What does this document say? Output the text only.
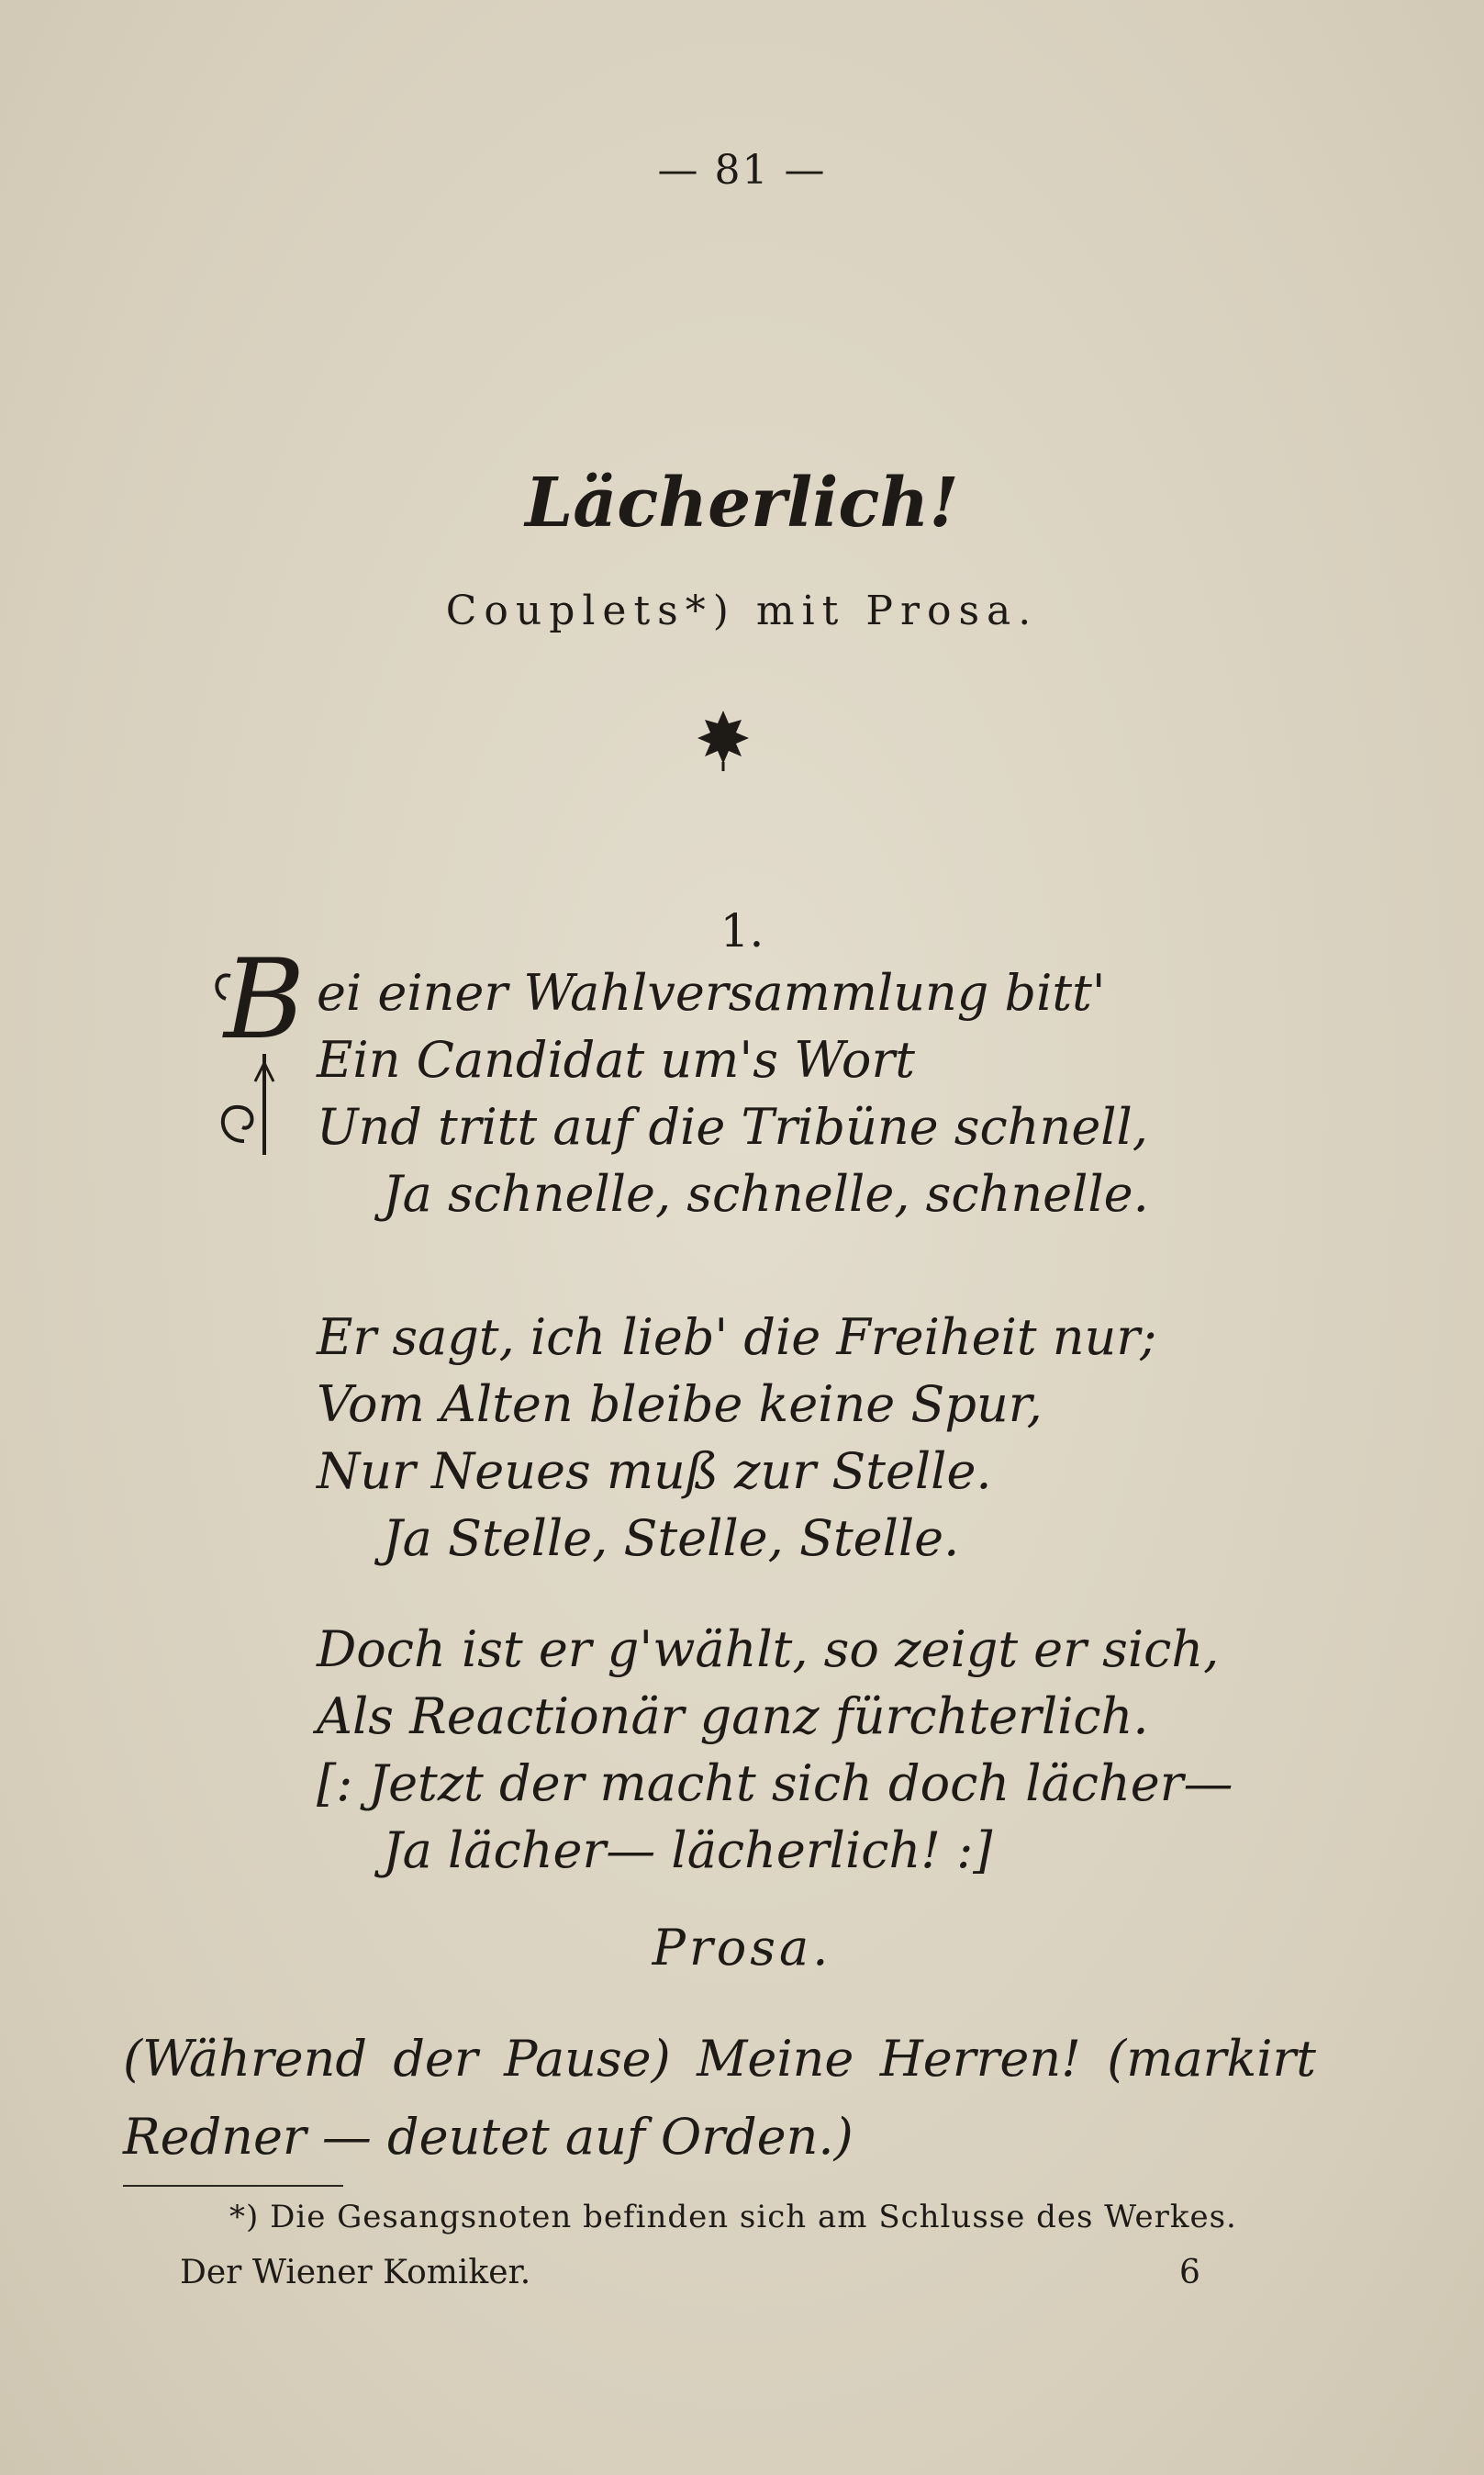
— 81 —
Lächerlich!
Couplets*) mit Prosa.
1.
B ei einer Wahlversammlung bitt'
Ein Candidat um's Wort
Und tritt auf die Tribüne schnell,
Ja schnelle, schnelle, schnelle.
Er sagt, ich lieb' die Freiheit nur;
Vom Alten bleibe keine Spur,
Nur Neues muß zur Stelle.
Ja Stelle, Stelle, Stelle.
Doch ist er g'wählt, so zeigt er sich,
Als Reactionär ganz fürchterlich.
[: Jetzt der macht sich doch lächer—
Ja lächer— lächerlich! :]
Prosa.
(Während der Pause) Meine Herren! (markirt Redner — deutet auf Orden.)
*) Die Gesangsnoten befinden sich am Schlusse des Werkes.
Der Wiener Komiker.	6
